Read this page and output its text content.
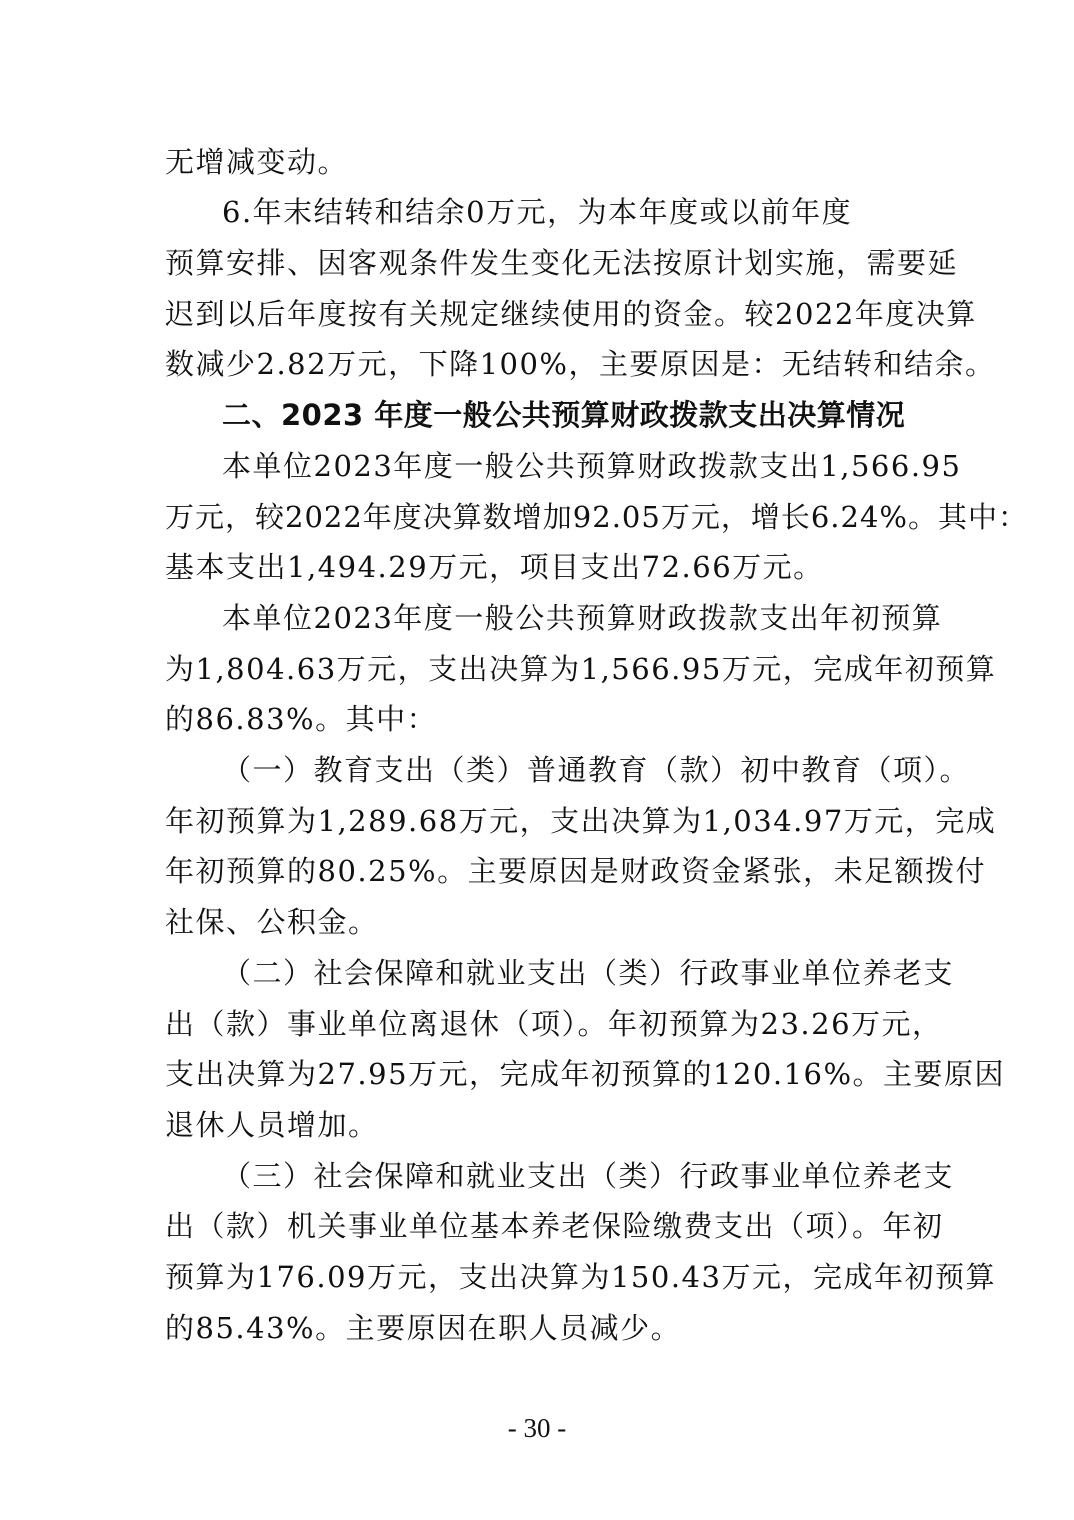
无增减变动。
6.年末结转和结余0万元，为本年度或以前年度
预算安排、因客观条件发生变化无法按原计划实施，需要延
迟到以后年度按有关规定继续使用的资金。较2022年度决算
数减少2.82万元，下降100%，主要原因是：无结转和结余。
二、2023 年度一般公共预算财政拨款支出决算情况
本单位2023年度一般公共预算财政拨款支出1,566.95
万元，较2022年度决算数增加92.05万元，增长6.24%。其中：
基本支出1,494.29万元，项目支出72.66万元。
本单位2023年度一般公共预算财政拨款支出年初预算
为1,804.63万元，支出决算为1,566.95万元，完成年初预算
的86.83%。其中：
（一）教育支出（类）普通教育（款）初中教育（项）。
年初预算为1,289.68万元，支出决算为1,034.97万元，完成
年初预算的80.25%。主要原因是财政资金紧张，未足额拨付
社保、公积金。
（二）社会保障和就业支出（类）行政事业单位养老支
出（款）事业单位离退休（项）。年初预算为23.26万元，
支出决算为27.95万元，完成年初预算的120.16%。主要原因
退休人员增加。
（三）社会保障和就业支出（类）行政事业单位养老支
出（款）机关事业单位基本养老保险缴费支出（项）。年初
预算为176.09万元，支出决算为150.43万元，完成年初预算
的85.43%。主要原因在职人员减少。
- 30 -
